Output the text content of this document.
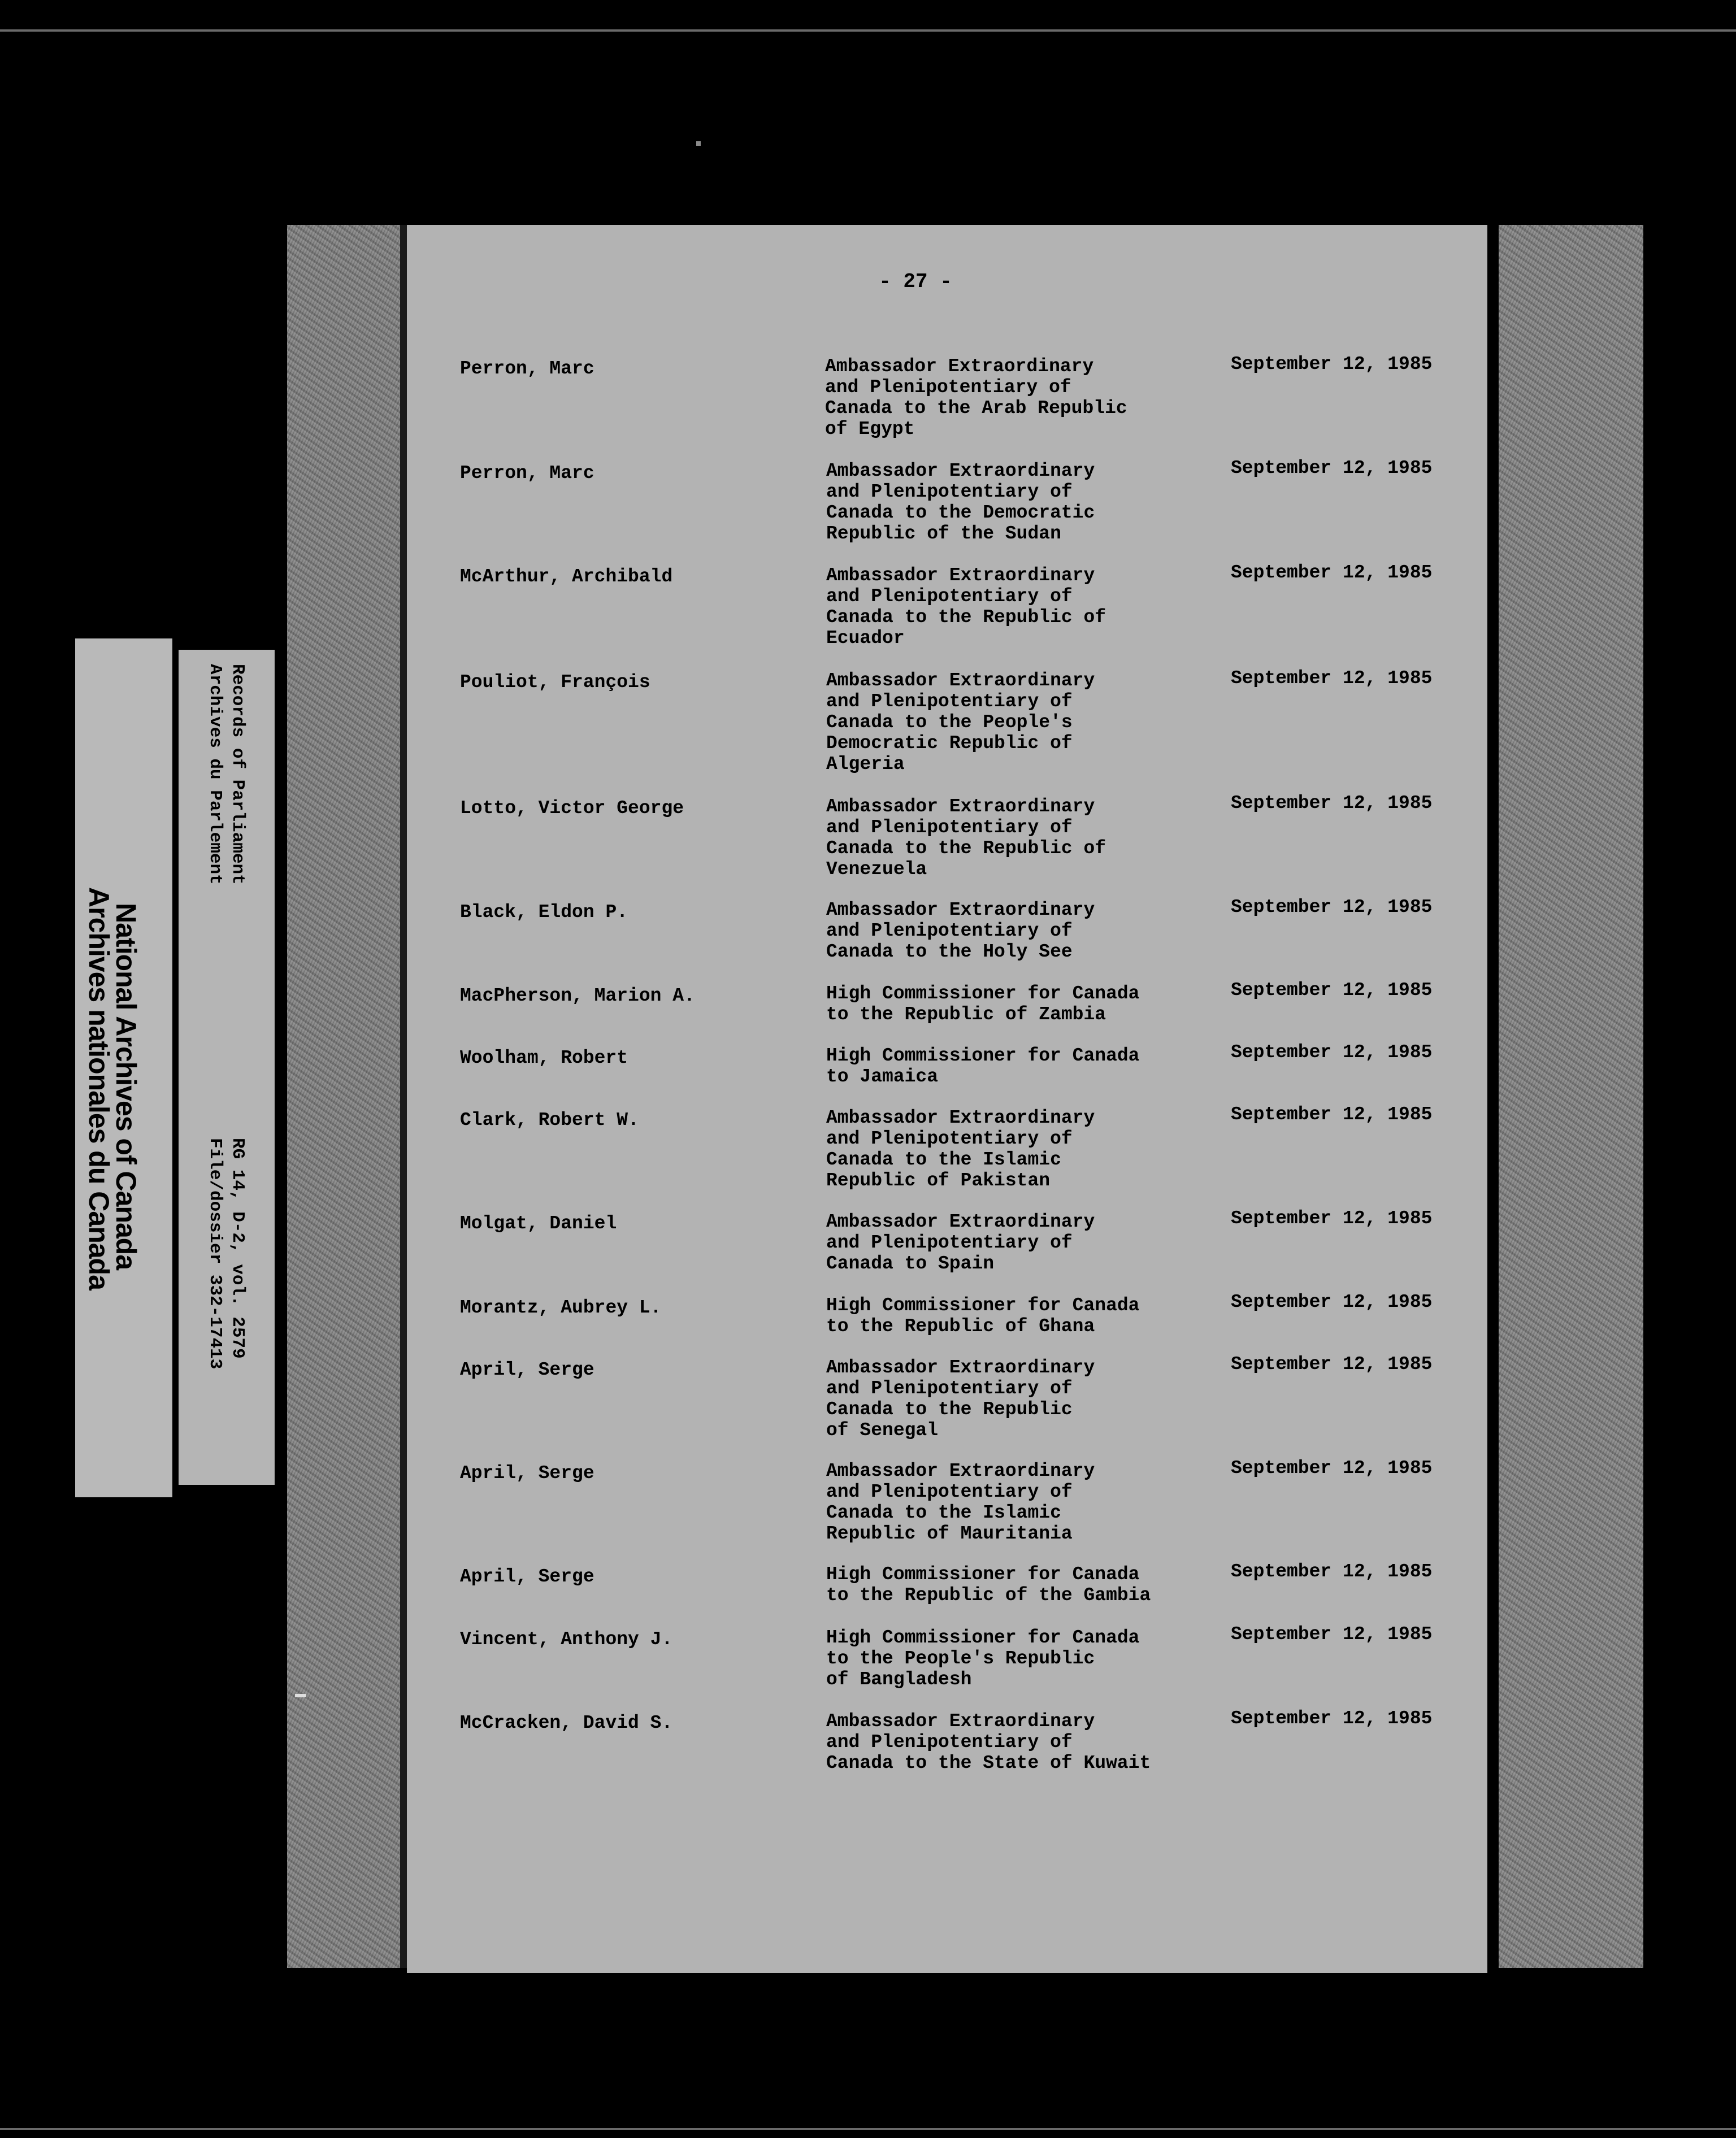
- 27 -
Perron, Marc	Ambassador Extraordinary
and Plenipotentiary of
Canada to the Arab Republic
of Egypt
September 12, 1985
Perron, Marc	Ambassador Extraordinary
and Plenipotentiary of
Canada to the Democratic
Republic of the Sudan
September 12, 1985
McArthur, Archibald	Ambassador Extraordinary
and Plenipotentiary of
Canada to the Republic of
Ecuador
September 12, 1985
Pouliot, François	Ambassador Extraordinary
and Plenipotentiary of
Canada to the People's
Democratic Republic of
Algeria
September 12, 1985
Lotto, Victor George	Ambassador Extraordinary
and Plenipotentiary of
Canada to the Republic of
Venezuela
September 12, 1985
Black, Eldon P.	Ambassador Extraordinary
and Plenipotentiary of
Canada to the Holy See
September 12, 1985
MacPherson, Marion A.	High Commissioner for Canada
to the Republic of Zambia
September 12, 1985
Woolham, Robert	High Commissioner for Canada
to Jamaica
September 12, 1985
Clark, Robert W.	Ambassador Extraordinary
and Plenipotentiary of
Canada to the Islamic
Republic of Pakistan
September 12, 1985
Molgat, Daniel	Ambassador Extraordinary
and Plenipotentiary of
Canada to Spain
September 12, 1985
Morantz, Aubrey L.	High Commissioner for Canada
to the Republic of Ghana
September 12, 1985
April, Serge	Ambassador Extraordinary
and Plenipotentiary of
Canada to the Republic
of Senegal
September 12, 1985
April, Serge	Ambassador Extraordinary
and Plenipotentiary of
Canada to the Islamic
Republic of Mauritania
September 12, 1985
April, Serge	High Commissioner for Canada
to the Republic of the Gambia
September 12, 1985
Vincent, Anthony J.	High Commissioner for Canada
to the People's Republic
of Bangladesh
September 12, 1985
McCracken, David S.	Ambassador Extraordinary
and Plenipotentiary of
Canada to the State of Kuwait
September 12, 1985
National Archives of Canada
Archives nationales du Canada
Records of Parliament
Archives du Parlement
RG 14, D-2, vol. 2579
File/dossier 332-17413
